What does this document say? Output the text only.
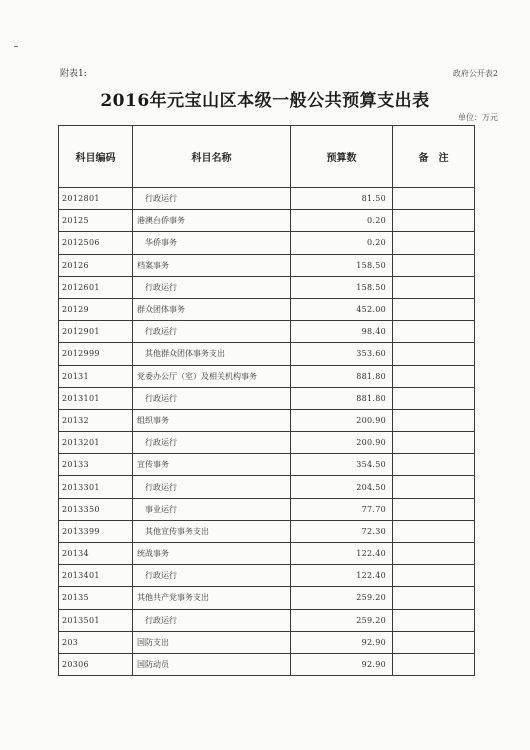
附表1:	政府公开表2
2016年元宝山区本级一般公共预算支出表
单位：万元
科目编码	科目名称	预算数	备　注
2012801	行政运行	81.50	
20125	港澳台侨事务	0.20	
2012506	华侨事务	0.20	
20126	档案事务	158.50	
2012601	行政运行	158.50	
20129	群众团体事务	452.00	
2012901	行政运行	98.40	
2012999	其他群众团体事务支出	353.60	
20131	党委办公厅（室）及相关机构事务	881.80	
2013101	行政运行	881.80	
20132	组织事务	200.90	
2013201	行政运行	200.90	
20133	宣传事务	354.50	
2013301	行政运行	204.50	
2013350	事业运行	77.70	
2013399	其他宣传事务支出	72.30	
20134	统战事务	122.40	
2013401	行政运行	122.40	
20135	其他共产党事务支出	259.20	
2013501	行政运行	259.20	
203	国防支出	92.90	
20306	国防动员	92.90	
